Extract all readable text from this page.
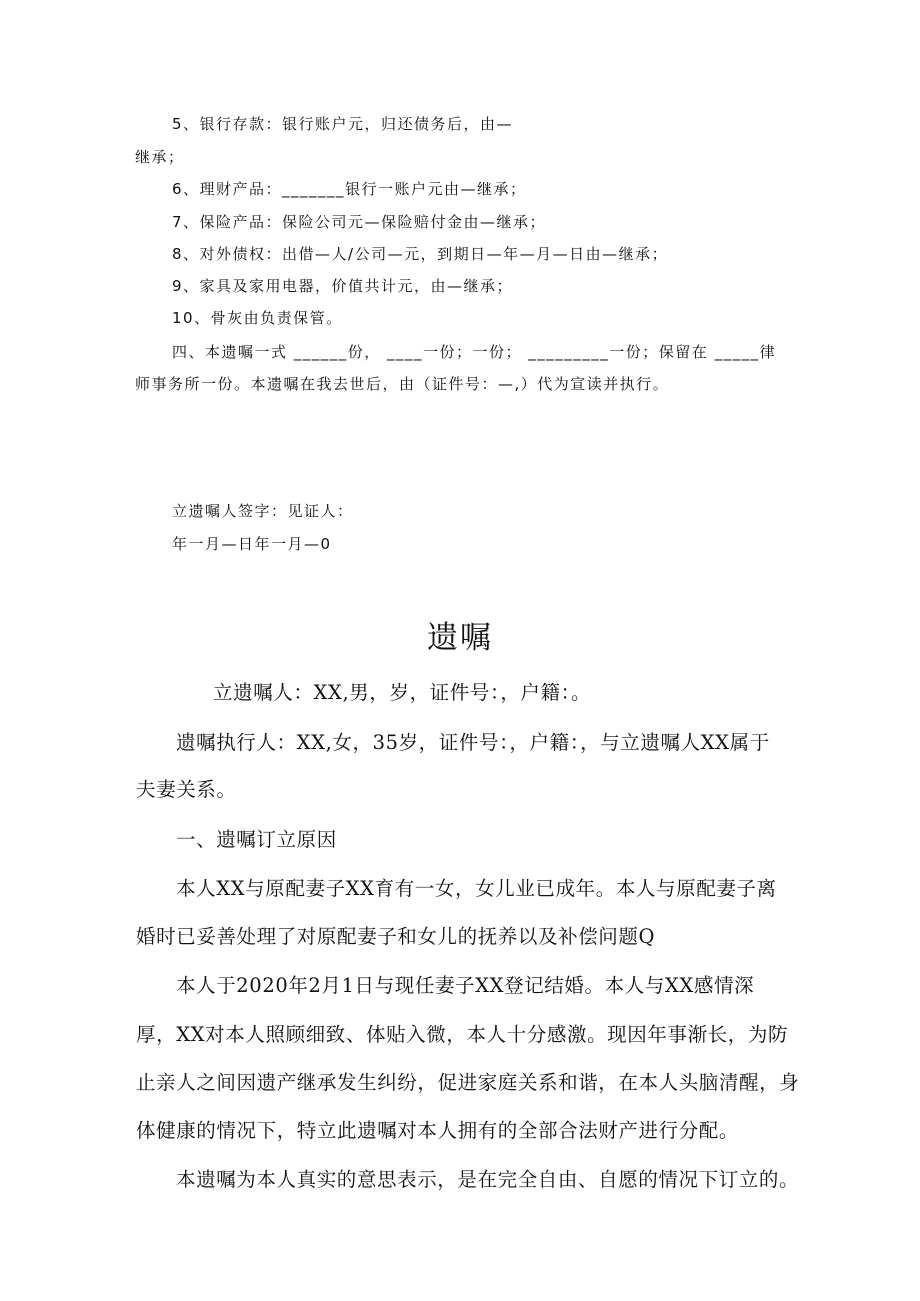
5、银行存款：银行账户元，归还债务后，由—
继承；
6、理财产品：_______银行一账户元由—继承；
7、保险产品：保险公司元—保险赔付金由—继承；
8、对外债权：出借—人/公司—元，到期日—年—月—日由—继承；
9、家具及家用电器，价值共计元，由—继承；
10、骨灰由负责保管。
四、本遗嘱一式 ______份， ____一份；一份； _________一份；保留在 _____律
师事务所一份。本遗嘱在我去世后，由（证件号：—,）代为宣读并执行。
立遗嘱人签字：见证人：
年一月—日年一月—0
遗嘱
立遗嘱人：XX,男，岁，证件号：，户籍：。
遗嘱执行人：XX,女，35岁，证件号：，户籍：，与立遗嘱人XX属于
夫妻关系。
一、遗嘱订立原因
本人XX与原配妻子XX育有一女，女儿业已成年。本人与原配妻子离
婚时已妥善处理了对原配妻子和女儿的抚养以及补偿问题Q
本人于2020年2月1日与现任妻子XX登记结婚。本人与XX感情深
厚，XX对本人照顾细致、体贴入微，本人十分感激。现因年事渐长，为防
止亲人之间因遗产继承发生纠纷，促进家庭关系和谐，在本人头脑清醒，身
体健康的情况下，特立此遗嘱对本人拥有的全部合法财产进行分配。
本遗嘱为本人真实的意思表示，是在完全自由、自愿的情况下订立的。
